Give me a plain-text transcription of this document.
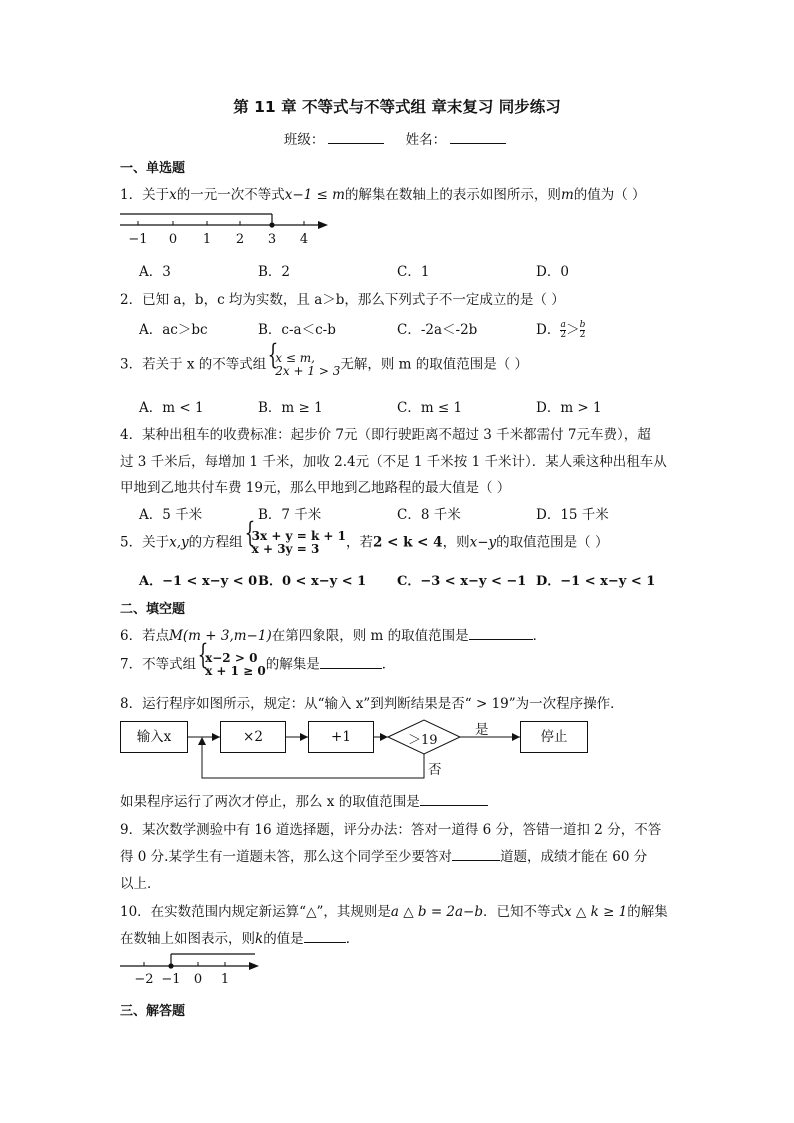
第 11 章 不等式与不等式组 章末复习 同步练习
班级：	姓名：
一、单选题
1．关于x的一元一次不等式x−1 ≤ m的解集在数轴上的表示如图所示，则m的值为（ ）
−1 0 1 2 3 4
A．3	B．2	C．1	D．0
2．已知 a，b，c 均为实数，且 a＞b，那么下列式子不一定成立的是（ ）
A．ac＞bc	B．c-a＜c-b	C．-2a＜-2b	D． $\frac{a}{2} > \frac{b}{2}$
3．若关于 x 的不等式组 { x ≤ m,
2x + 1 > 3 无解，则 m 的取值范围是（ ）
A．m < 1	B．m ≥ 1	C．m ≤ 1	D．m > 1
4．某种出租车的收费标准：起步价 7元（即行驶距离不超过 3 千米都需付 7元车费），超
过 3 千米后，每增加 1 千米，加收 2.4元（不足 1 千米按 1 千米计）．某人乘这种出租车从
甲地到乙地共付车费 19元，那么甲地到乙地路程的最大值是（ ）
A．5 千米	B．7 千米	C．8 千米	D．15 千米
5．关于x,y的方程组 { 3x + y = k + 1
x + 3y = 3	，若2 < k < 4，则x−y的取值范围是（ ）
A．−1 < x−y < 0 B．0 < x−y < 1 C．−3 < x−y < −1 D．−1 < x−y < 1
二、填空题
6．若点M(m + 3,m−1)在第四象限，则 m 的取值范围是	．
7．不等式组 { x−2 > 0
x + 1 ≥ 0 的解集是	．
8．运行程序如图所示，规定：从“输入 x”到判断结果是否“ > 19”为一次程序操作．
输入x	×2	+1	＞19	停止
是
否
如果程序运行了两次才停止，那么 x 的取值范围是
9．某次数学测验中有 16 道选择题，评分办法：答对一道得 6 分，答错一道扣 2 分，不答
得 0 分.某学生有一道题未答，那么这个同学至少要答对	道题，成绩才能在 60 分
以上．
10．在实数范围内规定新运算“△”，其规则是a △ b = 2a−b．已知不等式x △ k ≥ 1的解集
在数轴上如图表示，则k的值是	．
−2 −1 0 1
三、解答题
